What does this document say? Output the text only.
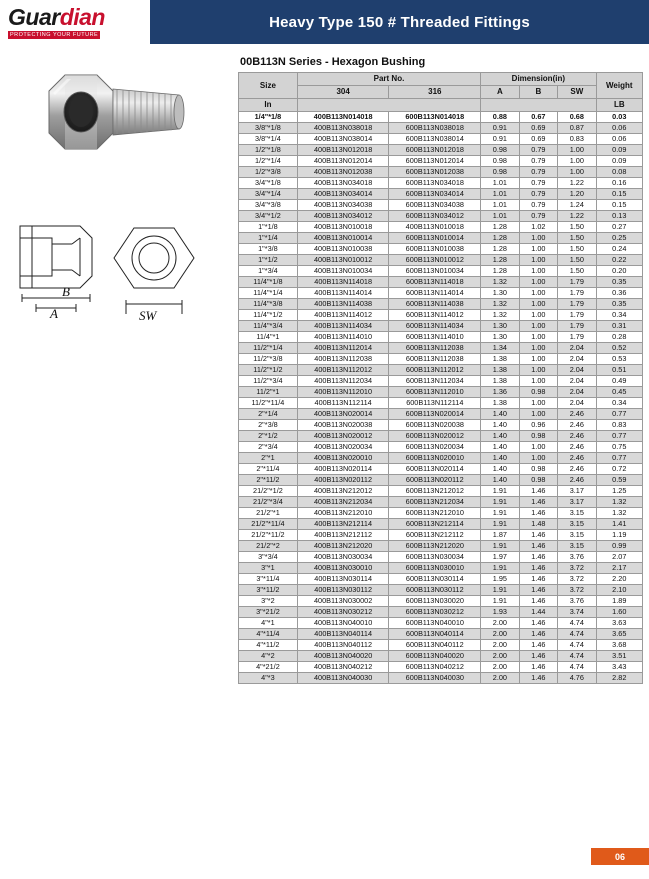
Guardian
PROTECTING YOUR FUTURE
Heavy Type 150 # Threaded Fittings
B
A	SW
00B113N Series - Hexagon Bushing
Size	Part No.		Dimension(in)			Weight
	304	316	A	B	SW	
In						LB
1/4"*1/8	400B113N014018	600B113N014018	0.88	0.67	0.68	0.03
3/8"*1/8	400B113N038018	600B113N038018	0.91	0.69	0.87	0.06
3/8"*1/4	400B113N038014	600B113N038014	0.91	0.69	0.83	0.06
1/2"*1/8	400B113N012018	600B113N012018	0.98	0.79	1.00	0.09
1/2"*1/4	400B113N012014	600B113N012014	0.98	0.79	1.00	0.09
1/2"*3/8	400B113N012038	600B113N012038	0.98	0.79	1.00	0.08
3/4"*1/8	400B113N034018	600B113N034018	1.01	0.79	1.22	0.16
3/4"*1/4	400B113N034014	600B113N034014	1.01	0.79	1.20	0.15
3/4"*3/8	400B113N034038	600B113N034038	1.01	0.79	1.24	0.15
3/4"*1/2	400B113N034012	600B113N034012	1.01	0.79	1.22	0.13
1"*1/8	400B113N010018	400B113N010018	1.28	1.02	1.50	0.27
1"*1/4	400B113N010014	600B113N010014	1.28	1.00	1.50	0.25
1"*3/8	400B113N010038	600B113N010038	1.28	1.00	1.50	0.24
1"*1/2	400B113N010012	600B113N010012	1.28	1.00	1.50	0.22
1"*3/4	400B113N010034	600B113N010034	1.28	1.00	1.50	0.20
11/4"*1/8	400B113N114018	600B113N114018	1.32	1.00	1.79	0.35
11/4"*1/4	400B113N114014	600B113N114014	1.30	1.00	1.79	0.36
11/4"*3/8	400B113N114038	600B113N114038	1.32	1.00	1.79	0.35
11/4"*1/2	400B113N114012	600B113N114012	1.32	1.00	1.79	0.34
11/4"*3/4	400B113N114034	600B113N114034	1.30	1.00	1.79	0.31
11/4"*1	400B113N114010	600B113N114010	1.30	1.00	1.79	0.28
11/2"*1/4	400B113N112014	600B113N112038	1.34	1.00	2.04	0.52
11/2"*3/8	400B113N112038	600B113N112038	1.38	1.00	2.04	0.53
11/2"*1/2	400B113N112012	600B113N112012	1.38	1.00	2.04	0.51
11/2"*3/4	400B113N112034	600B113N112034	1.38	1.00	2.04	0.49
11/2"*1	400B113N112010	600B113N112010	1.36	0.98	2.04	0.45
11/2"*11/4	400B113N112114	600B113N112114	1.38	1.00	2.04	0.34
2"*1/4	400B113N020014	600B113N020014	1.40	1.00	2.46	0.77
2"*3/8	400B113N020038	600B113N020038	1.40	0.96	2.46	0.83
2"*1/2	400B113N020012	600B113N020012	1.40	0.98	2.46	0.77
2"*3/4	400B113N020034	600B113N020034	1.40	1.00	2.46	0.75
2"*1	400B113N020010	600B113N020010	1.40	1.00	2.46	0.77
2"*11/4	400B113N020114	600B113N020114	1.40	0.98	2.46	0.72
2"*11/2	400B113N020112	600B113N020112	1.40	0.98	2.46	0.59
21/2"*1/2	400B113N212012	600B113N212012	1.91	1.46	3.17	1.25
21/2"*3/4	400B113N212034	600B113N212034	1.91	1.46	3.17	1.32
21/2"*1	400B113N212010	600B113N212010	1.91	1.46	3.15	1.32
21/2"*11/4	400B113N212114	600B113N212114	1.91	1.48	3.15	1.41
21/2"*11/2	400B113N212112	600B113N212112	1.87	1.46	3.15	1.19
21/2"*2	400B113N212020	600B113N212020	1.91	1.46	3.15	0.99
3"*3/4	400B113N030034	600B113N030034	1.97	1.46	3.76	2.07
3"*1	400B113N030010	600B113N030010	1.91	1.46	3.72	2.17
3"*11/4	400B113N030114	600B113N030114	1.95	1.46	3.72	2.20
3"*11/2	400B113N030112	600B113N030112	1.91	1.46	3.72	2.10
3"*2	400B113N030002	600B113N030020	1.91	1.46	3.76	1.89
3"*21/2	400B113N030212	600B113N030212	1.93	1.44	3.74	1.60
4"*1	400B113N040010	600B113N040010	2.00	1.46	4.74	3.63
4"*11/4	400B113N040114	600B113N040114	2.00	1.46	4.74	3.65
4"*11/2	400B113N040112	600B113N040112	2.00	1.46	4.74	3.68
4"*2	400B113N040020	600B113N040020	2.00	1.46	4.74	3.51
4"*21/2	400B113N040212	600B113N040212	2.00	1.46	4.74	3.43
4"*3	400B113N040030	600B113N040030	2.00	1.46	4.76	2.82
06
